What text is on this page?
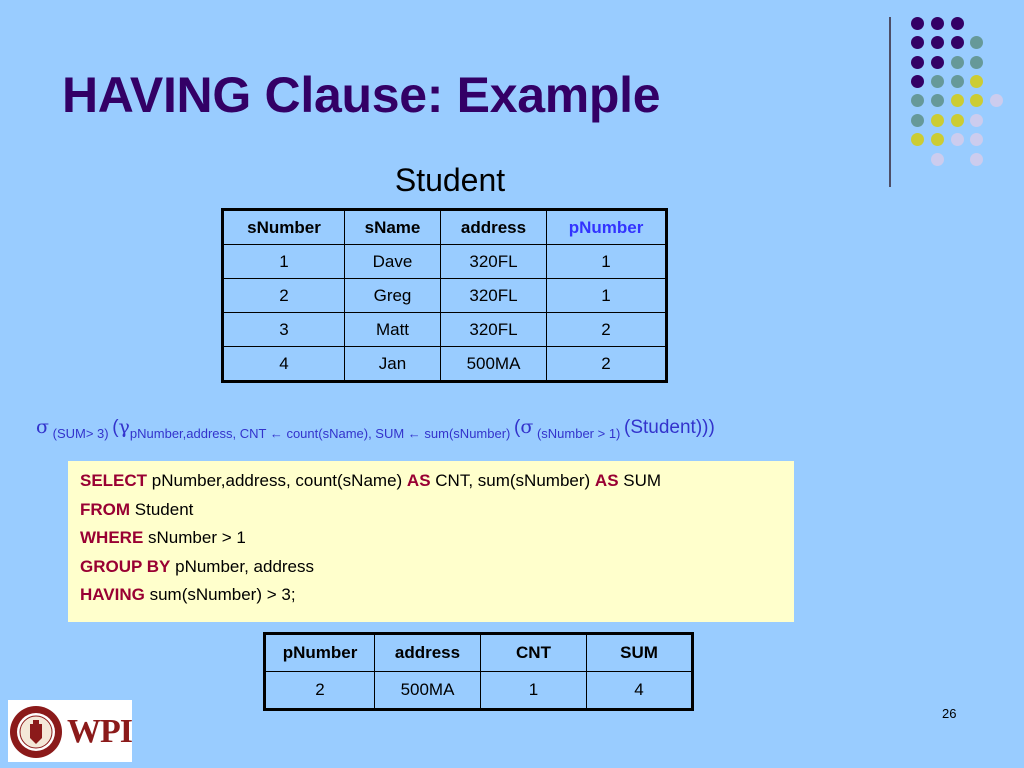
HAVING Clause: Example
Student
sNumber	sName	address	pNumber
1	Dave	320FL	1
2	Greg	320FL	1
3	Matt	320FL	2
4	Jan	500MA	2
σ (SUM> 3) (γpNumber,address, CNT ← count(sName), SUM ← sum(sNumber) (σ (sNumber > 1) (Student)))
SELECT pNumber,address, count(sName) AS CNT, sum(sNumber) AS SUM
FROM Student
WHERE sNumber > 1
GROUP BY pNumber, address
HAVING sum(sNumber) > 3;
pNumber	address	CNT	SUM
2	500MA	1	4
WPI	26
